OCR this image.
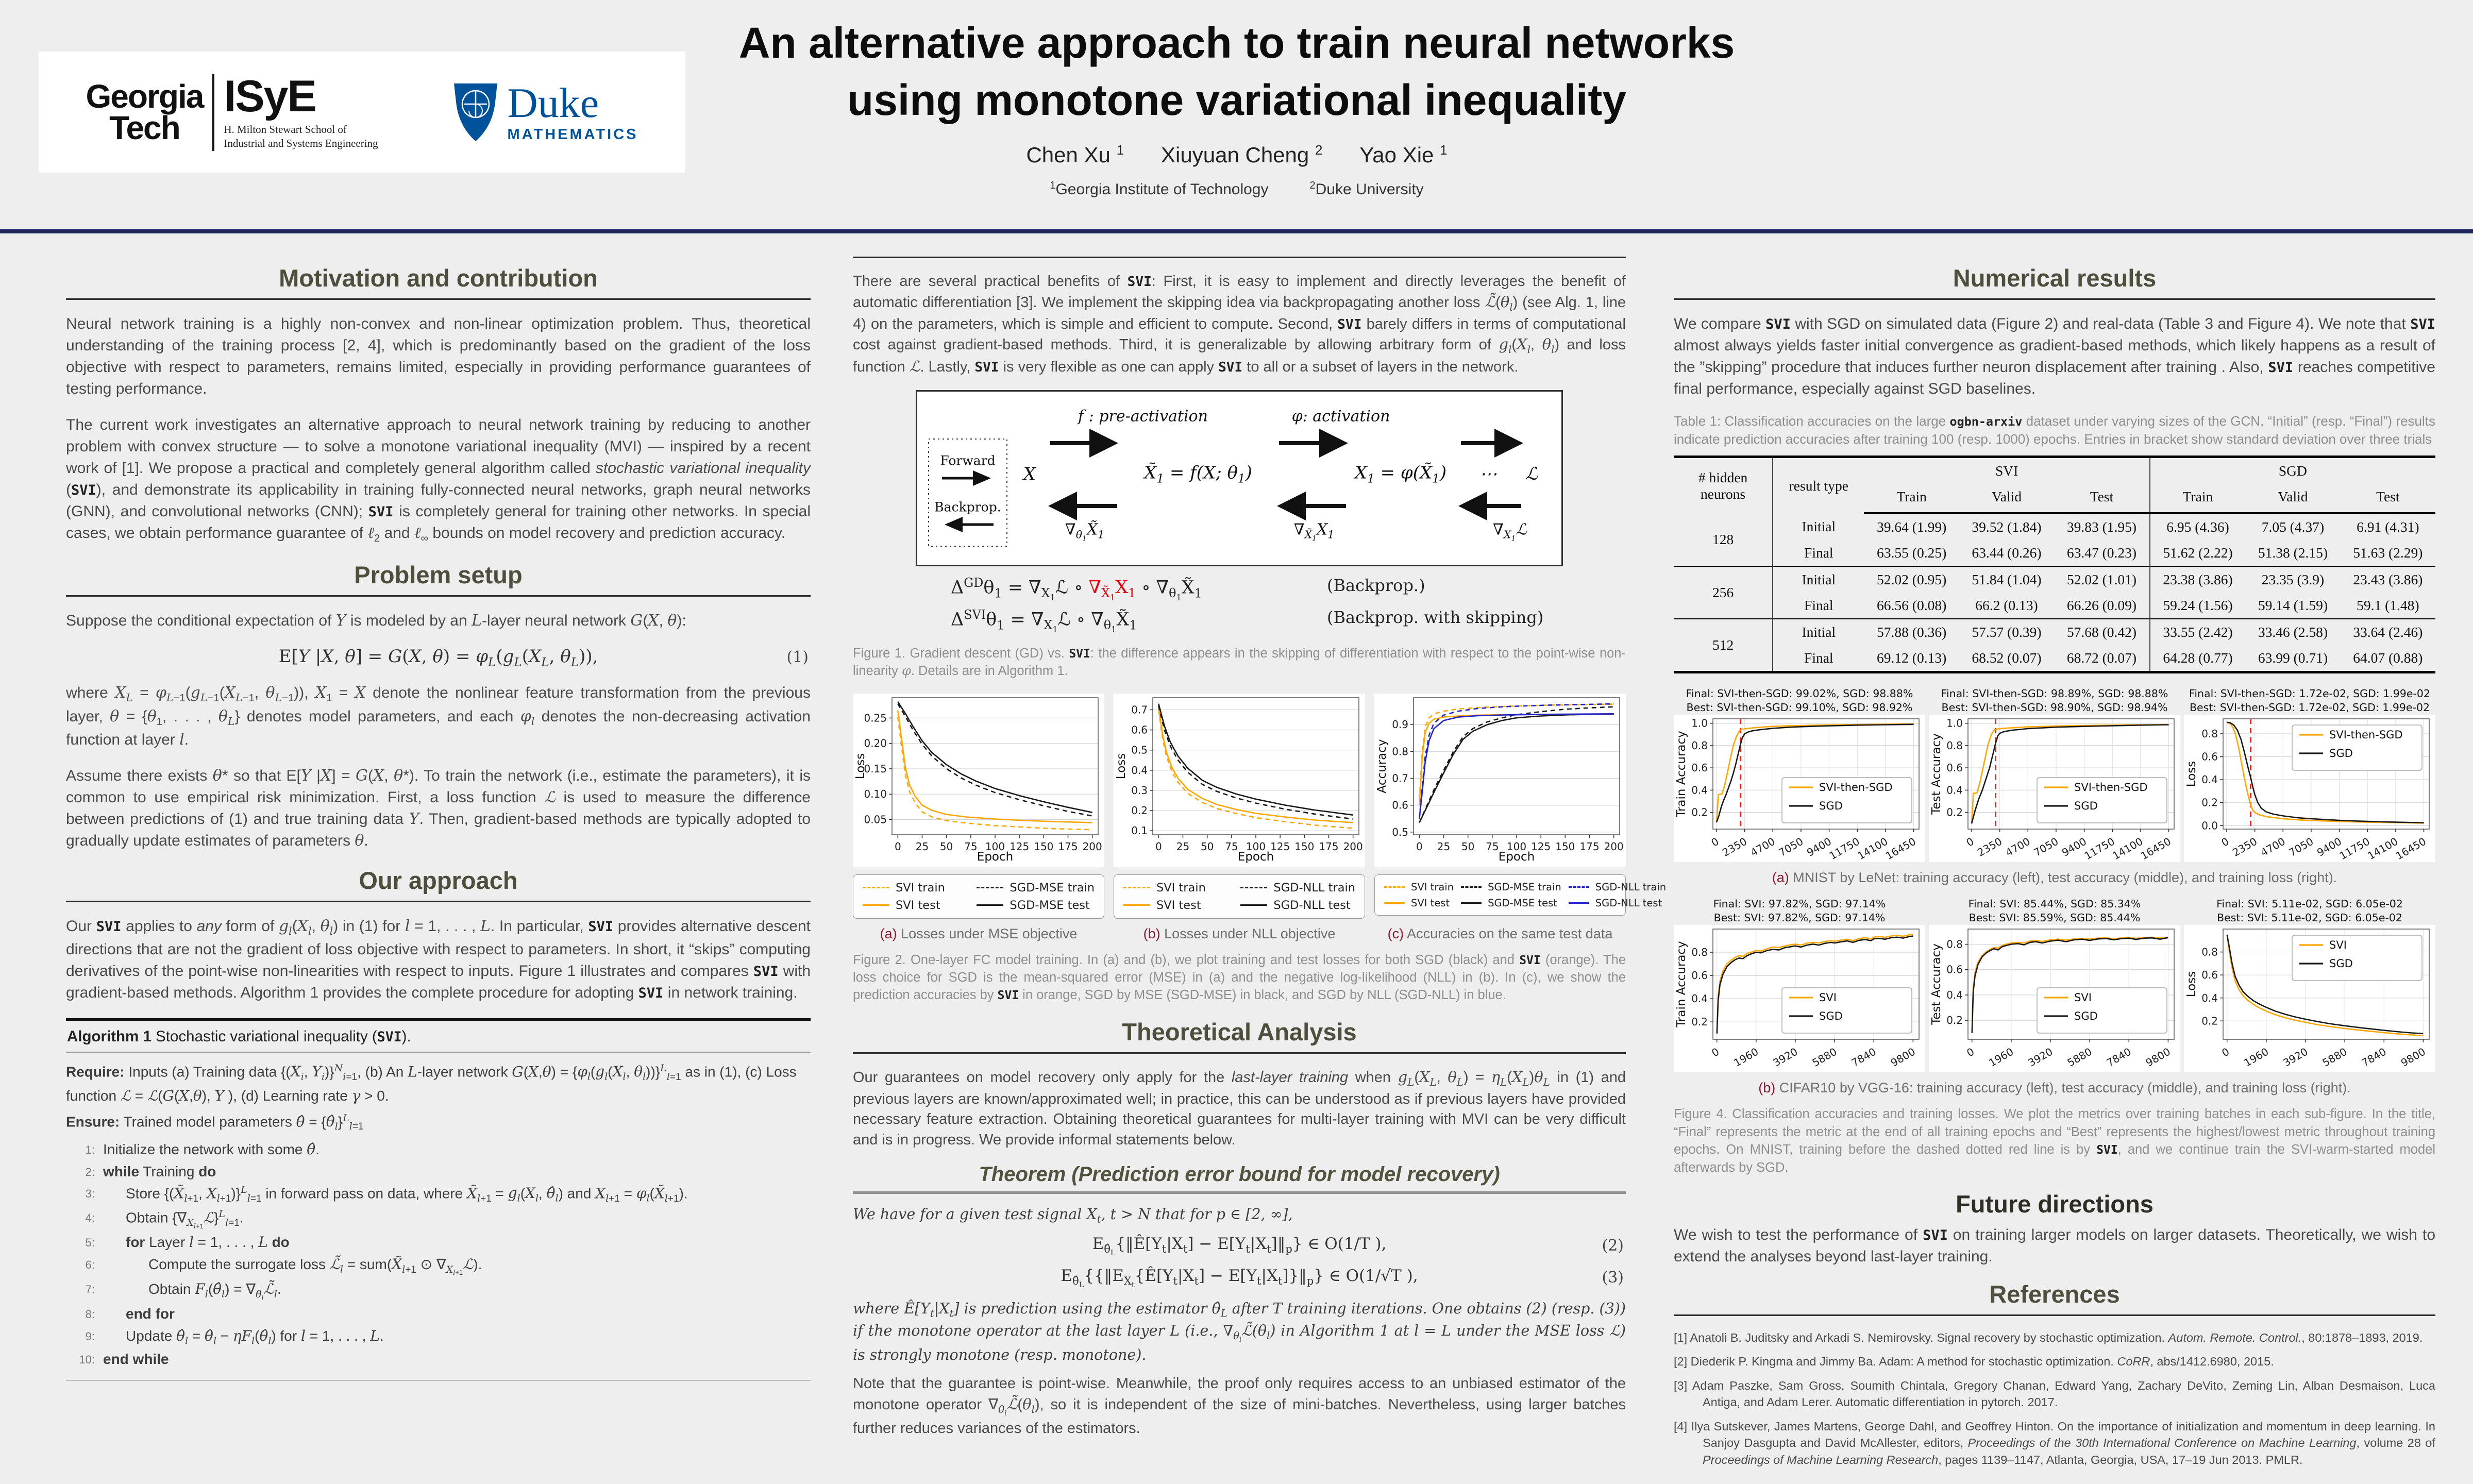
Georgia
Tech
ISyE
H. Milton Stewart School of
Industrial and Systems Engineering
Duke
MATHEMATICS
An alternative approach to train neural networks
using monotone variational inequality
Chen Xu $^1$ Xiuyuan Cheng $^2$ Yao Xie $^1$
$^1$Georgia Institute of Technology	$^2$Duke University
Motivation and contribution

Neural network training is a highly non-convex and non-linear optimization problem. Thus, theoretical understanding of the training process [2, 4], which is predominantly based on the gradient of the loss objective with respect to parameters, remains limited, especially in providing performance guarantees of testing performance.

The current work investigates an alternative approach to neural network training by reducing to another problem with convex structure — to solve a monotone variational inequality (MVI) — inspired by a recent work of [1]. We propose a practical and completely general algorithm called stochastic variational inequality (SVI), and demonstrate its applicability in training fully-connected neural networks, graph neural networks (GNN), and convolutional networks (CNN); SVI is completely general for training other networks. In special cases, we obtain performance guarantee of ℓ$_2$ and ℓ$_\infty$ bounds on model recovery and prediction accuracy.

Problem setup

Suppose the conditional expectation of Y is modeled by an L-layer neural network G(X, θ):

E[Y |X, θ] = G(X, $\theta) = \varphi_L(g_L(X_L$, $\theta_L$)),	(1)

where $X_L = \varphi_{L-1}(g_{L-1}(X_{L-1}$, $\theta_{L-1}$)), $X_1 = X$ denote the nonlinear feature transformation from the previous layer, $\theta = \{\theta_1$, . . . , $\theta_L$} denotes model parameters, and each $\varphi_l$ denotes the non-decreasing activation function at layer l.

Assume there exists θ* so that E[Y |X] = G(X, θ*). To train the network (i.e., estimate the parameters), it is common to use empirical risk minimization. First, a loss function ℒ is used to measure the difference between predictions of (1) and true training data Y. Then, gradient-based methods are typically adopted to gradually update estimates of parameters θ.

Our approach

Our SVI applies to any form of $g_l(X_l$, $\theta_l$) in (1) for l = 1, . . . , L. In particular, SVI provides alternative descent directions that are not the gradient of loss objective with respect to parameters. In short, it “skips” computing derivatives of the point-wise non-linearities with respect to inputs. Figure 1 illustrates and compares SVI with gradient-based methods. Algorithm 1 provides the complete procedure for adopting SVI in network training.

Algorithm 1 Stochastic variational inequality (SVI).
Require: Inputs (a) Training data {($X_i$, $Y_i)\}^N_{i=1}$, (b) An L-layer network $G(X,\theta) = \{\varphi_l(g_l(X_l$, $\theta_l))\}^L_{l=1}$ as in (1), (c) Loss function ℒ = ℒ(G(X,θ), Y ), (d) Learning rate γ > 0.
Ensure: Trained model parameters θ̂ = $\{\thetâ_l\}^L_{l=1}$
1: Initialize the network with some θ̂.
2: while Training do
3:	Store {($X̃_{l+1}$, $X_{l+1})\}^L_{l=1}$ in forward pass on data, where $X̃_{l+1} = g_l(X_l$, $\thetâ_l$) and $X_{l+1}$ = $\varphi_l(X̃_{l+1})$.
4:	Obtain $\{\nabla_{X_{l+1}}ℒ\}^L_{l=1}$.
5:	for Layer l = 1, . . . , L do
6:	Compute the surrogate loss $ℒ̃_l$ = $sum(X̃_{l+1}$ ⊙ $\nabla_{X_{l+1}}ℒ$).
7:	Obtain $F_l(\thetâ_l)$ = $\nabla_{\thetâ_l}ℒ̃_l$.
8:	end for
9:	Update $\thetâ_l$ = $\thetâ_l$ − $\eta F_l(\thetâ_l)$ for l = 1, . . . , L.
10: end while

There are several practical benefits of SVI: First, it is easy to implement and directly leverages the benefit of automatic differentiation [3]. We implement the skipping idea via backpropagating another loss $ℒ̃(\theta_l)$ (see Alg. 1, line 4) on the parameters, which is simple and efficient to compute. Second, SVI barely differs in terms of computational cost against gradient-based methods. Third, it is generalizable by allowing arbitrary form of $g_l(X_l$, $\theta_l$) and loss function ℒ. Lastly, SVI is very flexible as one can apply SVI to all or a subset of layers in the network.

f : pre-activation	φ: activation
Forward
Backprop.
X	$X̃_1 = f(X$; $\theta_1$)	$X_1$ = $\varphi(X̃_1)$ ⋯ ℒ
$\nabla_{\theta_1}X̃_1$	$\nabla_{X̃_1}X_1$	$\nabla_{X_1}ℒ$
$\Delta^{GD}\theta_1$ = $\nabla_{X_1}ℒ$ ∘ $\nabla_{X̃_1}X_1$ ∘ $\nabla_{\theta_1}X̃_1$	(Backprop.)
$\Delta^{SVI}\theta_1$ = $\nabla_{X_1}ℒ$ ∘ $\nabla_{\theta_1}X̃_1$	(Backprop. with skipping)

Figure 1. Gradient descent (GD) vs. SVI: the difference appears in the skipping of differentiation with respect to the point-wise non-linearity φ. Details are in Algorithm 1.

0.05
0.10
0.15
0.20
0.25
0 25 50 75 100 125 150 175 200
Loss
Epoch
SVI train	SGD-MSE train
SVI test	SGD-MSE test
0.1
0.2
0.3
0.4
0.5
0.6
0.7
0 25 50 75 100 125 150 175 200
Loss
Epoch
SVI train	SGD-NLL train
SVI test	SGD-NLL test
0.5
0.6
0.7
0.8
0.9
0 25 50 75 100 125 150 175 200
Accuracy
Epoch
SVI train	SGD-MSE train	SGD-NLL train
SVI test	SGD-MSE test	SGD-NLL test
(a) Losses under MSE objective	(b) Losses under NLL objective	(c) Accuracies on the same test data

Figure 2. One-layer FC model training. In (a) and (b), we plot training and test losses for both SGD (black) and SVI (orange). The loss choice for SGD is the mean-squared error (MSE) in (a) and the negative log-likelihood (NLL) in (b). In (c), we show the prediction accuracies by SVI in orange, SGD by MSE (SGD-MSE) in black, and SGD by NLL (SGD-NLL) in blue.

Theoretical Analysis

Our guarantees on model recovery only apply for the last-layer training when $g_L(X_L$, $\theta_L) = \eta_L(X_L)\theta_L$ in (1) and previous layers are known/approximated well; in practice, this can be understood as if previous layers have provided necessary feature extraction. Obtaining theoretical guarantees for multi-layer training with MVI can be very difficult and is in progress. We provide informal statements below.

Theorem (Prediction error bound for model recovery)

We have for a given test signal $X_t$, t > N that for p ∈ [2, ∞],

$E_{\thetâ_L}\{‖Ê[Y_t|X_t]$ − $E[Y_t|X_t]‖_p$} ∈ O(1/T ),	(2)
$E_{\thetâ_L}\{\{‖E_{X_t}\{Ê[Y_t|X_t]$ − $E[Y_t|X_t]\}‖_p$} ∈ O(1/√T ),	(3)

where $Ê[Y_t|X_t]$ is prediction using the estimator $\thetâ_L$ after T training iterations. One obtains (2) (resp. (3)) if the monotone operator at the last layer L (i.e., $\nabla_{\theta_l}ℒ̃(\theta_l)$ in Algorithm 1 at l = L under the MSE loss ℒ) is strongly monotone (resp. monotone).

Note that the guarantee is point-wise. Meanwhile, the proof only requires access to an unbiased estimator of the monotone operator $\nabla_{\theta_l}ℒ̃(\theta_l)$, so it is independent of the size of mini-batches. Nevertheless, using larger batches further reduces variances of the estimators.

Numerical results

We compare SVI with SGD on simulated data (Figure 2) and real-data (Table 3 and Figure 4). We note that SVI almost always yields faster initial convergence as gradient-based methods, which likely happens as a result of the ”skipping” procedure that induces further neuron displacement after training . Also, SVI reaches competitive final performance, especially against SGD baselines.

Table 1: Classification accuracies on the large ogbn-arxiv dataset under varying sizes of the GCN. “Initial” (resp. “Final”) results indicate prediction accuracies after training 100 (resp. 1000) epochs. Entries in bracket show standard deviation over three trials
# hidden
neurons	result type	SVI			SGD		
		Train	Valid	Test	Train	Valid	Test
128	Initial	39.64 (1.99)	39.52 (1.84)	39.83 (1.95)	6.95 (4.36)	7.05 (4.37)	6.91 (4.31)
	Final	63.55 (0.25)	63.44 (0.26)	63.47 (0.23)	51.62 (2.22)	51.38 (2.15)	51.63 (2.29)
256	Initial	52.02 (0.95)	51.84 (1.04)	52.02 (1.01)	23.38 (3.86)	23.35 (3.9)	23.43 (3.86)
	Final	66.56 (0.08)	66.2 (0.13)	66.26 (0.09)	59.24 (1.56)	59.14 (1.59)	59.1 (1.48)
512	Initial	57.88 (0.36)	57.57 (0.39)	57.68 (0.42)	33.55 (2.42)	33.46 (2.58)	33.64 (2.46)
	Final	69.12 (0.13)	68.52 (0.07)	68.72 (0.07)	64.28 (0.77)	63.99 (0.71)	64.07 (0.88)
Final: SVI-then-SGD: 99.02%, SGD: 98.88%
Best: SVI-then-SGD: 99.10%, SGD: 98.92%
0.2
0.4
0.6
0.8
1.0
0
2350
4700
7050
9400
11750
14100
16450
SVI-then-SGD
SGD
Train Accuracy
Final: SVI-then-SGD: 98.89%, SGD: 98.88%
Best: SVI-then-SGD: 98.90%, SGD: 98.94%
0.2
0.4
0.6
0.8
1.0
0
2350
4700
7050
9400
11750
14100
16450
SVI-then-SGD
SGD
Test Accuracy
Final: SVI-then-SGD: 1.72e-02, SGD: 1.99e-02
Best: SVI-then-SGD: 1.72e-02, SGD: 1.99e-02
0.0
0.2
0.4
0.6
0.8
0
2350
4700
7050
9400
11750
14100
16450
SVI-then-SGD
SGD
Loss
(a) MNIST by LeNet: training accuracy (left), test accuracy (middle), and training loss (right).
Final: SVI: 97.82%, SGD: 97.14%
Best: SVI: 97.82%, SGD: 97.14%
0.2
0.4
0.6
0.8
0 1960 3920 5880 7840 9800
SVI
SGD
Train Accuracy
Final: SVI: 85.44%, SGD: 85.34%
Best: SVI: 85.59%, SGD: 85.44%
0.2
0.4
0.6
0.8
0 1960 3920 5880 7840 9800
SVI
SGD
Test Accuracy
Final: SVI: 5.11e-02, SGD: 6.05e-02
Best: SVI: 5.11e-02, SGD: 6.05e-02
0.2
0.4
0.6
0.8
0 1960 3920 5880 7840 9800
SVI
SGD
Loss
(b) CIFAR10 by VGG-16: training accuracy (left), test accuracy (middle), and training loss (right).

Figure 4. Classification accuracies and training losses. We plot the metrics over training batches in each sub-figure. In the title, “Final” represents the metric at the end of all training epochs and “Best” represents the highest/lowest metric throughout training epochs. On MNIST, training before the dashed dotted red line is by SVI, and we continue train the SVI-warm-started model afterwards by SGD.

Future directions

We wish to test the performance of SVI on training larger models on larger datasets. Theoretically, we wish to extend the analyses beyond last-layer training.

References
[1] Anatoli B. Juditsky and Arkadi S. Nemirovsky. Signal recovery by stochastic optimization. Autom. Remote. Control., 80:1878–1893, 2019.
[2] Diederik P. Kingma and Jimmy Ba. Adam: A method for stochastic optimization. CoRR, abs/1412.6980, 2015.
[3] Adam Paszke, Sam Gross, Soumith Chintala, Gregory Chanan, Edward Yang, Zachary DeVito, Zeming Lin, Alban Desmaison, Luca Antiga, and Adam Lerer. Automatic differentiation in pytorch. 2017.
[4] Ilya Sutskever, James Martens, George Dahl, and Geoffrey Hinton. On the importance of initialization and momentum in deep learning. In Sanjoy Dasgupta and David McAllester, editors, Proceedings of the 30th International Conference on Machine Learning, volume 28 of Proceedings of Machine Learning Research, pages 1139–1147, Atlanta, Georgia, USA, 17–19 Jun 2013. PMLR.
